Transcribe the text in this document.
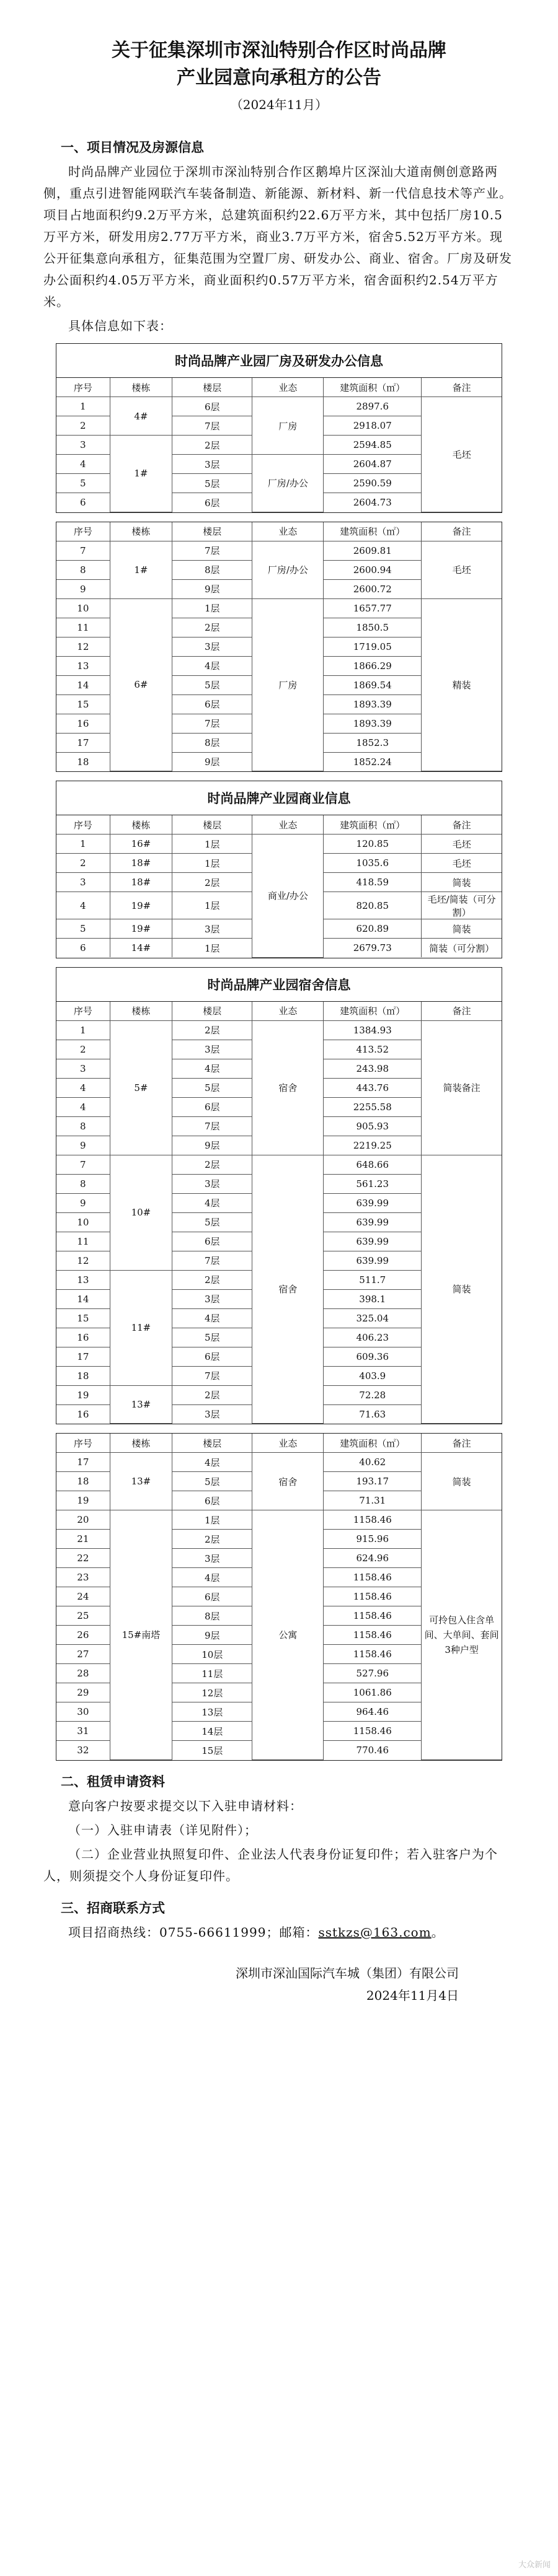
关于征集深圳市深汕特别合作区时尚品牌
产业园意向承租方的公告
（2024年11月）
一、项目情况及房源信息

时尚品牌产业园位于深圳市深汕特别合作区鹅埠片区深汕大道南侧创意路两侧，重点引进智能网联汽车装备制造、新能源、新材料、新一代信息技术等产业。项目占地面积约9.2万平方米，总建筑面积约22.6万平方米，其中包括厂房10.5万平方米，研发用房2.77万平方米，商业3.7万平方米，宿舍5.52万平方米。现公开征集意向承租方，征集范围为空置厂房、研发办公、商业、宿舍。厂房及研发办公面积约4.05万平方米，商业面积约0.57万平方米，宿舍面积约2.54万平方米。

具体信息如下表：

时尚品牌产业园厂房及研发办公信息
序号	楼栋	楼层	业态	建筑面积（㎡）	备注
1	4#	6层	厂房	2897.6	毛坯
2		7层		2918.07	
3	1#	2层		2594.85	
4		3层	厂房/办公	2604.87	
5		5层		2590.59	
6		6层		2604.73	
序号	楼栋	楼层	业态	建筑面积（㎡）	备注
7	1#	7层	厂房/办公	2609.81	毛坯
8		8层		2600.94	
9		9层		2600.72	
10	6#	1层	厂房	1657.77	精装
11		2层		1850.5	
12		3层		1719.05	
13		4层		1866.29	
14		5层		1869.54	
15		6层		1893.39	
16		7层		1893.39	
17		8层		1852.3	
18		9层		1852.24	
时尚品牌产业园商业信息
序号	楼栋	楼层	业态	建筑面积（㎡）	备注
1	16#	1层	商业/办公	120.85	毛坯
2	18#	1层		1035.6	毛坯
3	18#	2层		418.59	简装
4	19#	1层		820.85	毛坯/简装（可分割）
5	19#	3层		620.89	简装
6	14#	1层		2679.73	简装（可分割）
时尚品牌产业园宿舍信息
序号	楼栋	楼层	业态	建筑面积（㎡）	备注
1	5#	2层	宿舍	1384.93	简装备注
2		3层		413.52	
3		4层		243.98	
4		5层		443.76	
4		6层		2255.58	
8		7层		905.93	
9		9层		2219.25	
7	10#	2层	宿舍	648.66	简装
8		3层		561.23	
9		4层		639.99	
10		5层		639.99	
11		6层		639.99	
12		7层		639.99	
13	11#	2层		511.7	
14		3层		398.1	
15		4层		325.04	
16		5层		406.23	
17		6层		609.36	
18		7层		403.9	
19	13#	2层		72.28	
16		3层		71.63	
序号	楼栋	楼层	业态	建筑面积（㎡）	备注
17	13#	4层	宿舍	40.62	简装
18		5层		193.17	
19		6层		71.31	
20	15#南塔	1层	公寓	1158.46	可拎包入住含单间、大单间、套间3种户型
21		2层		915.96	
22		3层		624.96	
23		4层		1158.46	
24		6层		1158.46	
25		8层		1158.46	
26		9层		1158.46	
27		10层		1158.46	
28		11层		527.96	
29		12层		1061.86	
30		13层		964.46	
31		14层		1158.46	
32		15层		770.46	
二、租赁申请资料

意向客户按要求提交以下入驻申请材料：

（一）入驻申请表（详见附件）；

（二）企业营业执照复印件、企业法人代表身份证复印件；若入驻客户为个人，则须提交个人身份证复印件。

三、招商联系方式

项目招商热线：0755-66611999；邮箱：sstkzs@163.com。

深圳市深汕国际汽车城（集团）有限公司
2024年11月4日
大众新闻
